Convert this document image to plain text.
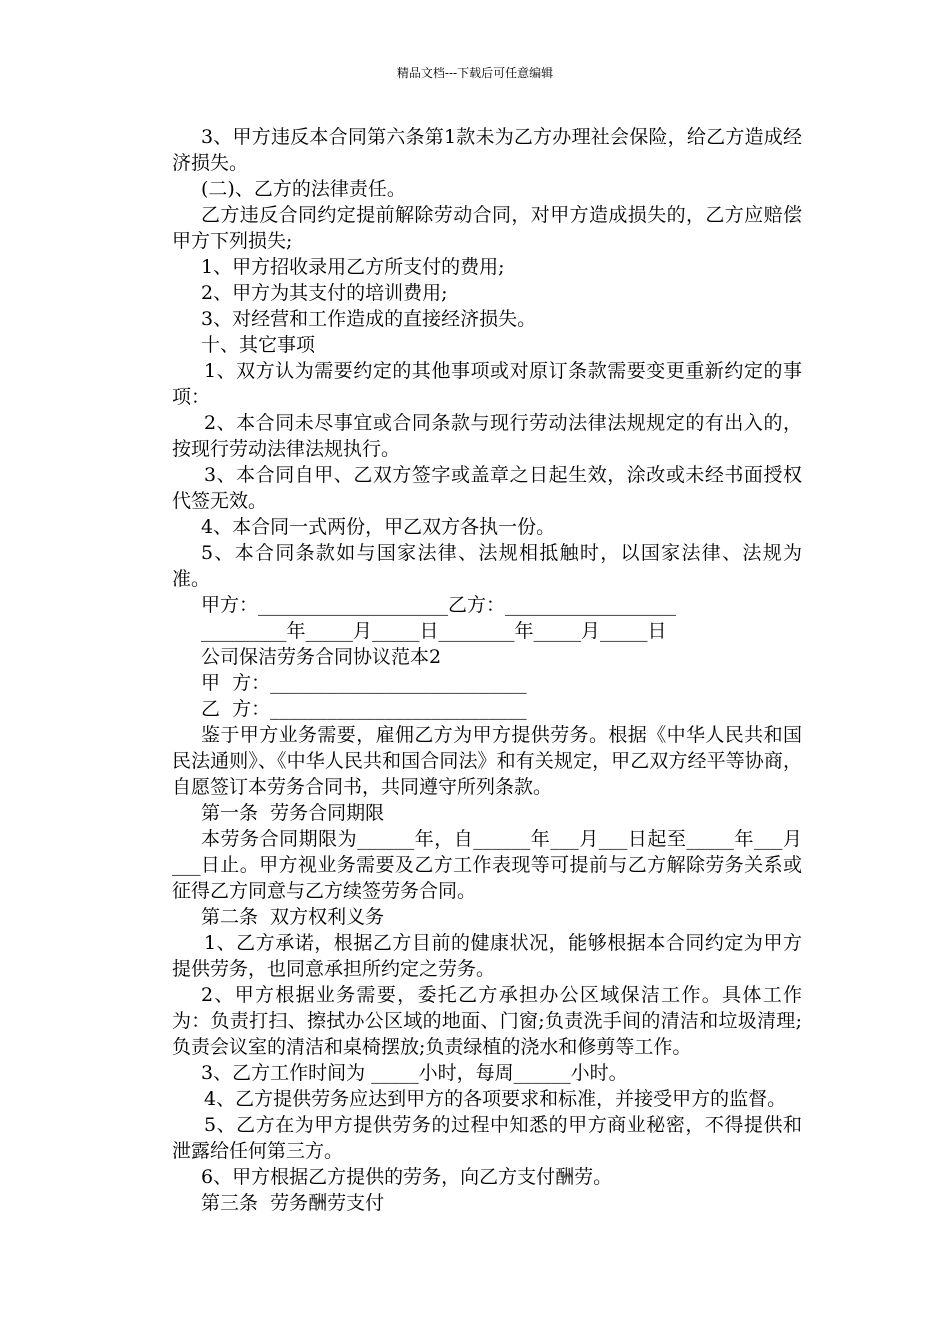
精品文档---下载后可任意编辑

3、甲方违反本合同第六条第1款未为乙方办理社会保险，给乙方造成经济损失。

(二)、乙方的法律责任。

乙方违反合同约定提前解除劳动合同，对甲方造成损失的，乙方应赔偿甲方下列损失;

1、甲方招收录用乙方所支付的费用;

2、甲方为其支付的培训费用;

3、对经营和工作造成的直接经济损失。

十、其它事项

1、双方认为需要约定的其他事项或对原订条款需要变更重新约定的事项：

2、本合同未尽事宜或合同条款与现行劳动法律法规规定的有出入的，按现行劳动法律法规执行。

3、本合同自甲、乙双方签字或盖章之日起生效，涂改或未经书面授权代签无效。

4、本合同一式两份，甲乙双方各执一份。

5、本合同条款如与国家法律、法规相抵触时，以国家法律、法规为准。

甲方：____________________乙方：__________________

_________年_____月_____日________年_____月_____日

公司保洁劳务合同协议范本2

甲  方：___________________________

乙  方：___________________________

鉴于甲方业务需要，雇佣乙方为甲方提供劳务。根据《中华人民共和国民法通则》、《中华人民共和国合同法》和有关规定，甲乙双方经平等协商，自愿签订本劳务合同书，共同遵守所列条款。

第一条  劳务合同期限

本劳务合同期限为______年，自______年___月___日起至_____年___月___日止。甲方视业务需要及乙方工作表现等可提前与乙方解除劳务关系或征得乙方同意与乙方续签劳务合同。

第二条  双方权利义务

1、乙方承诺，根据乙方目前的健康状况，能够根据本合同约定为甲方提供劳务，也同意承担所约定之劳务。

2、甲方根据业务需要，委托乙方承担办公区域保洁工作。具体工作为：负责打扫、擦拭办公区域的地面、门窗;负责洗手间的清洁和垃圾清理;负责会议室的清洁和桌椅摆放;负责绿植的浇水和修剪等工作。

3、乙方工作时间为 _____小时，每周______小时。

4、乙方提供劳务应达到甲方的各项要求和标准，并接受甲方的监督。

5、乙方在为甲方提供劳务的过程中知悉的甲方商业秘密，不得提供和泄露给任何第三方。

6、甲方根据乙方提供的劳务，向乙方支付酬劳。

第三条  劳务酬劳支付
